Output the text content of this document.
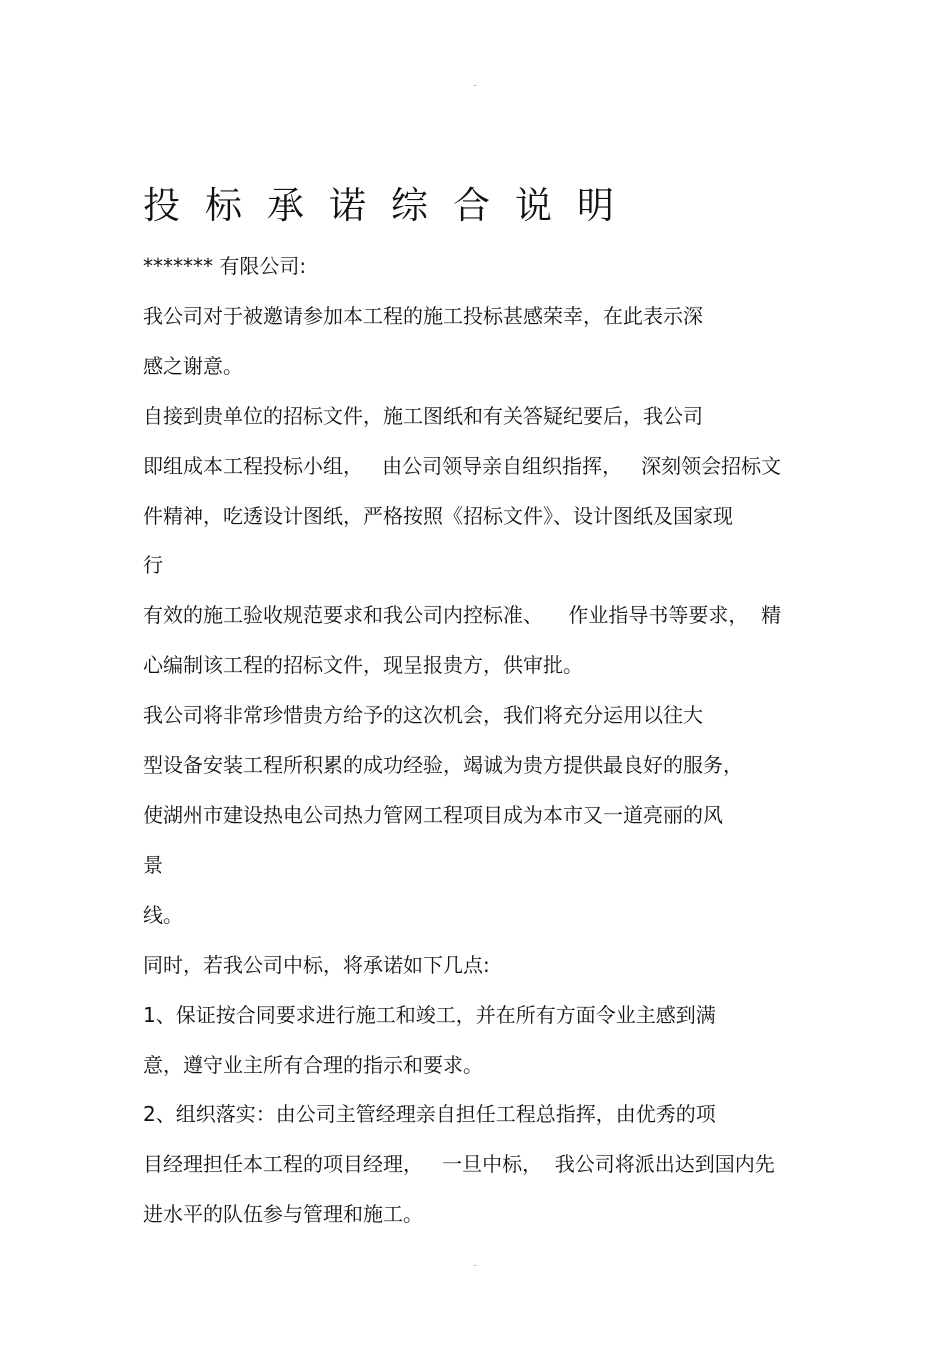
.
投标承诺综合说明

******* 有限公司:

我公司对于被邀请参加本工程的施工投标甚感荣幸，在此表示深

感之谢意。

自接到贵单位的招标文件，施工图纸和有关答疑纪要后，我公司

即组成本工程投标小组，   由公司领导亲自组织指挥，   深刻领会招标文

件精神，吃透设计图纸，严格按照《招标文件》、设计图纸及国家现

行

有效的施工验收规范要求和我公司内控标准、    作业指导书等要求，  精

心编制该工程的招标文件，现呈报贵方，供审批。

我公司将非常珍惜贵方给予的这次机会，我们将充分运用以往大

型设备安装工程所积累的成功经验，竭诚为贵方提供最良好的服务，

使湖州市建设热电公司热力管网工程项目成为本市又一道亮丽的风

景

线。

同时，若我公司中标，将承诺如下几点:

1、保证按合同要求进行施工和竣工，并在所有方面令业主感到满

意，遵守业主所有合理的指示和要求。

2、组织落实：由公司主管经理亲自担任工程总指挥，由优秀的项

目经理担任本工程的项目经理，   一旦中标，  我公司将派出达到国内先

进水平的队伍参与管理和施工。

.
